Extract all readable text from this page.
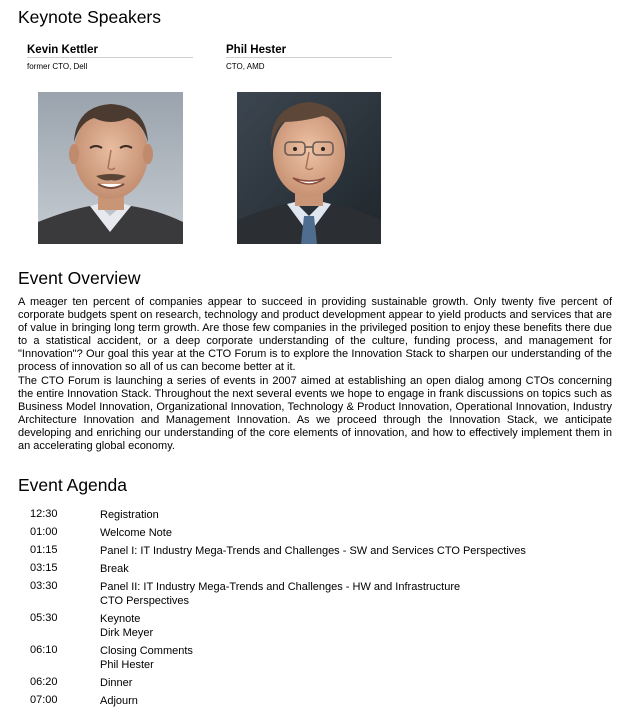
Keynote Speakers
Kevin Kettler
former CTO, Dell
Phil Hester
CTO, AMD
Event Overview

A meager ten percent of companies appear to succeed in providing sustainable growth. Only twenty five percent of corporate budgets spent on research, technology and product development appear to yield products and services that are of value in bringing long term growth. Are those few companies in the privileged position to enjoy these benefits there due to a statistical accident, or a deep corporate understanding of the culture, funding process, and management for "Innovation"? Our goal this year at the CTO Forum is to explore the Innovation Stack to sharpen our understanding of the process of innovation so all of us can become better at it.

The CTO Forum is launching a series of events in 2007 aimed at establishing an open dialog among CTOs concerning the entire Innovation Stack. Throughout the next several events we hope to engage in frank discussions on topics such as Business Model Innovation, Organizational Innovation, Technology & Product Innovation, Operational Innovation, Industry Architecture Innovation and Management Innovation. As we proceed through the Innovation Stack, we anticipate developing and enriching our understanding of the core elements of innovation, and how to effectively implement them in an accelerating global economy.

Event Agenda
12:30	Registration
01:00	Welcome Note
01:15	Panel I: IT Industry Mega-Trends and Challenges - SW and Services CTO Perspectives
03:15	Break
03:30	Panel II: IT Industry Mega-Trends and Challenges - HW and Infrastructure
CTO Perspectives
05:30	Keynote
Dirk Meyer
06:10	Closing Comments
Phil Hester
06:20	Dinner
07:00	Adjourn
